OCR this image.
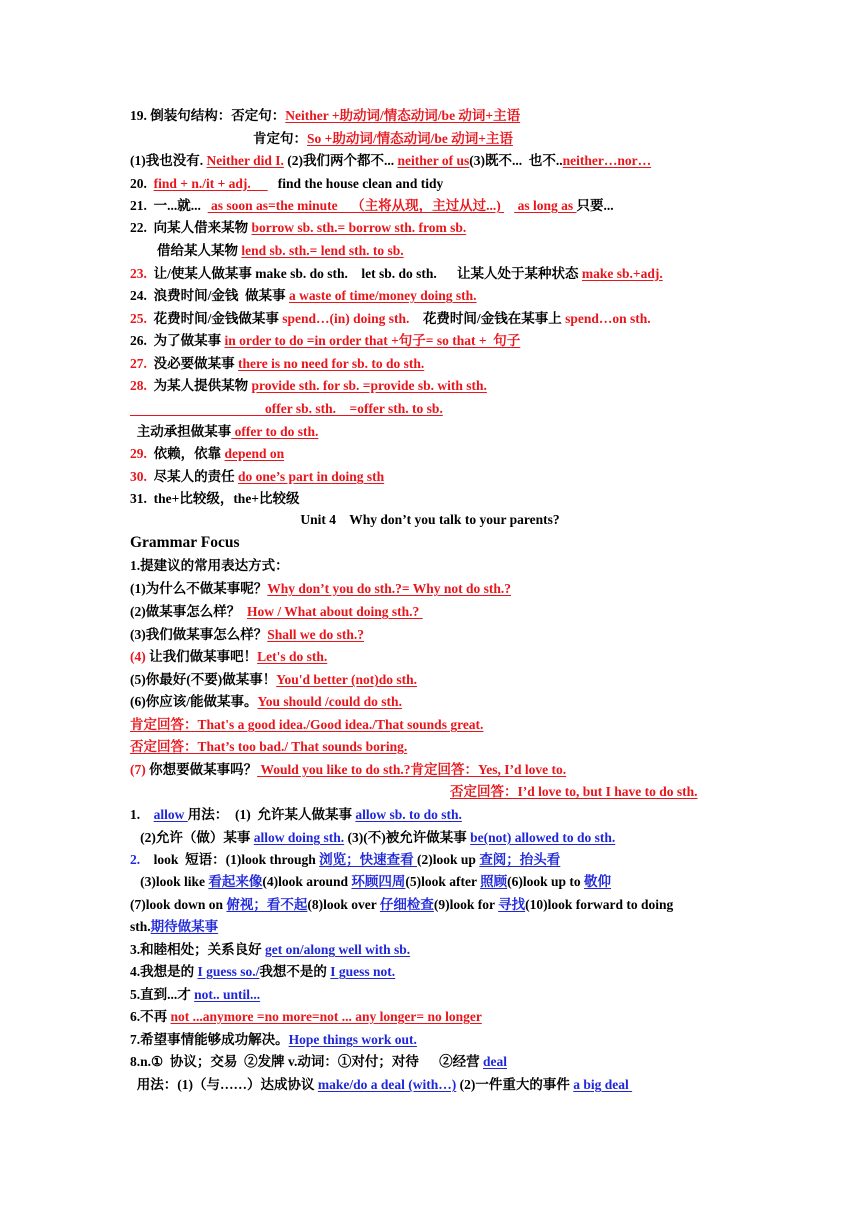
19. 倒装句结构：否定句：Neither +助动词/情态动词/be 动词+主语
肯定句：So +助动词/情态动词/be 动词+主语
(1)我也没有. Neither did I. (2)我们两个都不... neither of us(3)既不...  也不..neither…nor…
20.  find + n./it + adj.        find the house clean and tidy
21.  一...就...   as soon as=the minute    （主将从现，主过从过...)     as long as 只要...
22.  向某人借来某物 borrow sb. sth.= borrow sth. from sb.
借给某人某物 lend sb. sth.= lend sth. to sb.
23.  让/使某人做某事 make sb. do sth.    let sb. do sth.      让某人处于某种状态 make sb.+adj.
24.  浪费时间/金钱  做某事 a waste of time/money doing sth.
25.  花费时间/金钱做某事 spend…(in) doing sth.    花费时间/金钱在某事上 spend…on sth.
26.  为了做某事 in order to do =in order that +句子= so that +  句子
27.  没必要做某事 there is no need for sb. to do sth.
28.  为某人提供某物 provide sth. for sb. =provide sb. with sth.
offer sb. sth.    =offer sth. to sb.
主动承担做某事 offer to do sth.
29.  依赖，依靠 depend on
30.  尽某人的责任 do one’s part in doing sth
31.  the+比较级，the+比较级
Unit 4    Why don’t you talk to your parents?
Grammar Focus
1.提建议的常用表达方式：
(1)为什么不做某事呢？Why don’t you do sth.?= Why not do sth.?
(2)做某事怎么样？  How / What about doing sth.?
(3)我们做某事怎么样？Shall we do sth.?
(4) 让我们做某事吧！Let's do sth.
(5)你最好(不要)做某事！You'd better (not)do sth.
(6)你应该/能做某事。You should /could do sth.
肯定回答：That's a good idea./Good idea./That sounds great.
否定回答：That’s too bad./ That sounds boring.
(7) 你想要做某事吗？ Would you like to do sth.?肯定回答：Yes, I’d love to.
否定回答：I’d love to, but I have to do sth.
1.    allow 用法：  (1)  允许某人做某事 allow sb. to do sth.
(2)允许（做）某事 allow doing sth. (3)(不)被允许做某事 be(not) allowed to do sth.
2.    look  短语：(1)look through 浏览；快速查看 (2)look up 查阅；抬头看
(3)look like 看起来像(4)look around 环顾四周(5)look after 照顾(6)look up to 敬仰
(7)look down on 俯视；看不起(8)look over 仔细检查(9)look for 寻找(10)look forward to doing
sth.期待做某事
3.和睦相处；关系良好 get on/along well with sb.
4.我想是的 I guess so./我想不是的 I guess not.
5.直到...才 not.. until...
6.不再 not ...anymore =no more=not ... any longer= no longer
7.希望事情能够成功解决。Hope things work out.
8.n.①  协议；交易  ②发牌 v.动词：①对付；对待      ②经营 deal
用法：(1)（与……）达成协议 make/do a deal (with…) (2)一件重大的事件 a big deal
